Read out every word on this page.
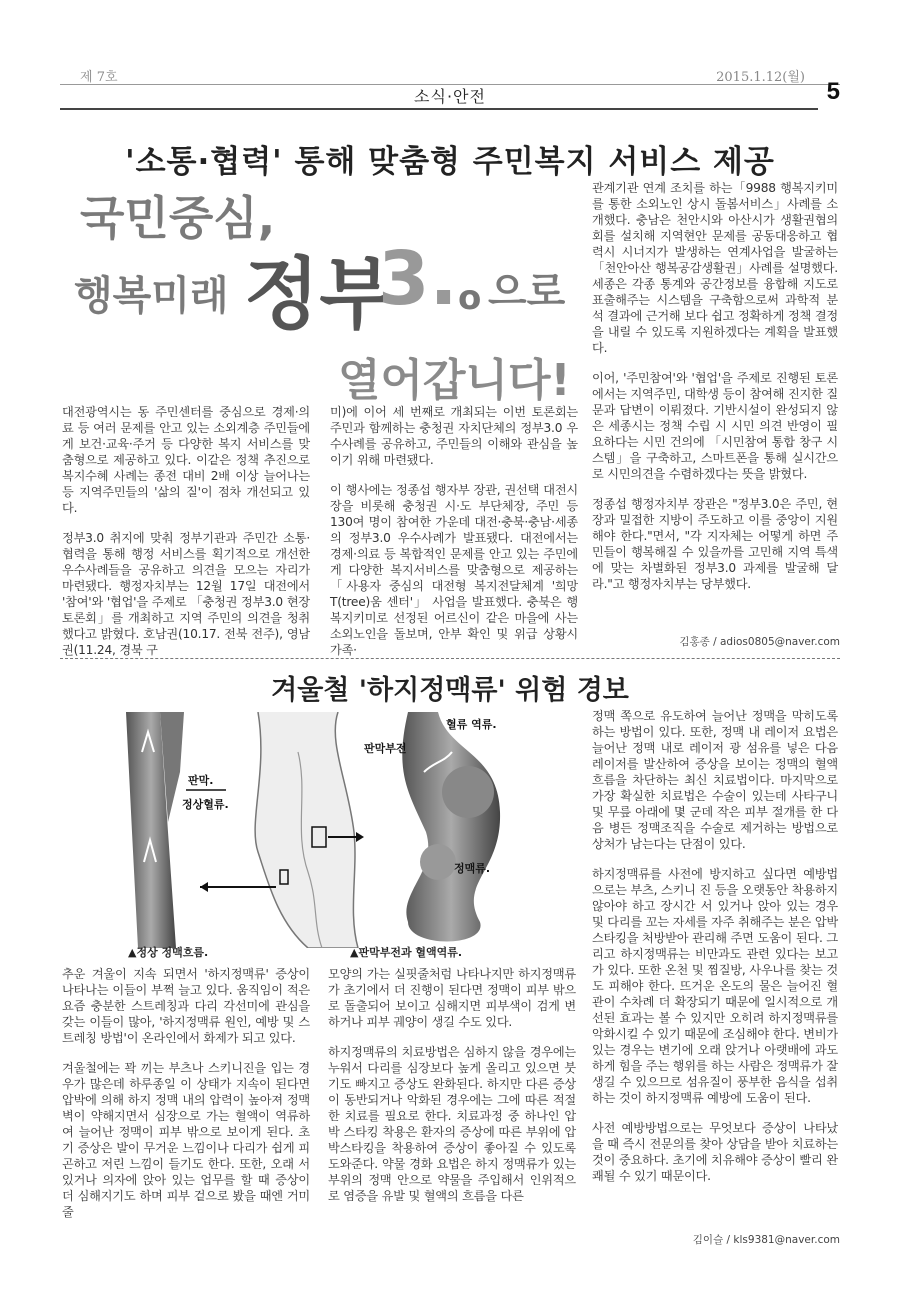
제 7호	2015.1.12(월)
소식·안전	5
'소통·협력' 통해 맞춤형 주민복지 서비스 제공
국민중심,
행복미래 정부
3. o 으로
열어갑니다!

대전광역시는 동 주민센터를 중심으로 경제·의료 등 여러 문제를 안고 있는 소외계층 주민들에게 보건·교육·주거 등 다양한 복지 서비스를 맞춤형으로 제공하고 있다. 이같은 정책 추진으로 복지수혜 사례는 종전 대비 2배 이상 늘어나는 등 지역주민들의 '삶의 질'이 점차 개선되고 있다.

정부3.0 취지에 맞춰 정부기관과 주민간 소통·협력을 통해 행정 서비스를 획기적으로 개선한 우수사례들을 공유하고 의견을 모으는 자리가 마련됐다. 행정자치부는 12월 17일 대전에서 '참여'와 '협업'을 주제로 「충청권 정부3.0 현장토론회」를 개최하고 지역 주민의 의견을 청취했다고 밝혔다. 호남권(10.17. 전북 전주), 영남권(11.24, 경북 구

미)에 이어 세 번째로 개최되는 이번 토론회는 주민과 함께하는 충청권 자치단체의 정부3.0 우수사례를 공유하고, 주민들의 이해와 관심을 높이기 위해 마련됐다.

이 행사에는 정종섭 행자부 장관, 권선택 대전시장을 비롯해 충청권 시·도 부단체장, 주민 등 130여 명이 참여한 가운데 대전·충북·충남·세종의 정부3.0 우수사례가 발표됐다. 대전에서는 경제·의료 등 복합적인 문제를 안고 있는 주민에게 다양한 복지서비스를 맞춤형으로 제공하는 「사용자 중심의 대전형 복지전달체계 '희망T(tree)움 센터'」 사업을 발표했다. 충북은 행복지키미로 선정된 어르신이 같은 마을에 사는 소외노인을 돌보며, 안부 확인 및 위급 상황시 가족·

관계기관 연계 조치를 하는「9988 행복지키미를 통한 소외노인 상시 돌봄서비스」사례를 소개했다. 충남은 천안시와 아산시가 생활권협의회를 설치해 지역현안 문제를 공동대응하고 협력시 시너지가 발생하는 연계사업을 발굴하는「천안아산 행복공감생활권」사례를 설명했다. 세종은 각종 통계와 공간정보를 융합해 지도로 표출해주는 시스템을 구축함으로써 과학적 분석 결과에 근거해 보다 쉽고 정확하게 정책 결정을 내릴 수 있도록 지원하겠다는 계획을 발표했다.

이어, '주민참여'와 '협업'을 주제로 진행된 토론에서는 지역주민, 대학생 등이 참여해 진지한 질문과 답변이 이뤄졌다. 기반시설이 완성되지 않은 세종시는 정책 수립 시 시민 의견 반영이 필요하다는 시민 건의에 「시민참여 통합 창구 시스템」을 구축하고, 스마트폰을 통해 실시간으로 시민의견을 수렴하겠다는 뜻을 밝혔다.

정종섭 행정자치부 장관은 "정부3.0은 주민, 현장과 밀접한 지방이 주도하고 이를 중앙이 지원해야 한다."면서, "각 지자체는 어떻게 하면 주민들이 행복해질 수 있을까를 고민해 지역 특색에 맞는 차별화된 정부3.0 과제를 발굴해 달라."고 행정자치부는 당부했다.

김홍종 / adios0805@naver.com
겨울철 '하지정맥류' 위험 경보
판막.
정상혈류.
혈류 역류.
판막부전
정맥류.
▲정상 정맥흐름.	▲판막부전과 혈액역류.

추운 겨울이 지속 되면서 '하지정맥류' 증상이 나타나는 이들이 부쩍 늘고 있다. 움직임이 적은 요즘 충분한 스트레칭과 다리 각선미에 관심을 갖는 이들이 많아, '하지정맥류 원인, 예방 및 스트레칭 방법'이 온라인에서 화제가 되고 있다.

겨울철에는 꽉 끼는 부츠나 스키니진을 입는 경우가 많은데 하루종일 이 상태가 지속이 된다면 압박에 의해 하지 정맥 내의 압력이 높아져 정맥 벽이 약해지면서 심장으로 가는 혈액이 역류하여 늘어난 정맥이 피부 밖으로 보이게 된다. 초기 증상은 발이 무거운 느낌이나 다리가 쉽게 피곤하고 저린 느낌이 들기도 한다. 또한, 오래 서 있거나 의자에 앉아 있는 업무를 할 때 증상이 더 심해지기도 하며 피부 겉으로 봤을 때엔 거미줄

모양의 가는 실핏줄처럼 나타나지만 하지정맥류가 초기에서 더 진행이 된다면 정맥이 피부 밖으로 돌출되어 보이고 심해지면 피부색이 검게 변하거나 피부 궤양이 생길 수도 있다.

하지정맥류의 치료방법은 심하지 않을 경우에는 누워서 다리를 심장보다 높게 올리고 있으면 붓기도 빠지고 증상도 완화된다. 하지만 다른 증상이 동반되거나 악화된 경우에는 그에 따른 적절한 치료를 필요로 한다. 치료과정 중 하나인 압박 스타킹 착용은 환자의 증상에 따른 부위에 압박스타킹을 착용하여 증상이 좋아질 수 있도록 도와준다. 약물 경화 요법은 하지 정맥류가 있는 부위의 정맥 안으로 약물을 주입해서 인위적으로 염증을 유발 및 혈액의 흐름을 다른

정맥 쪽으로 유도하여 늘어난 정맥을 막히도록 하는 방법이 있다. 또한, 정맥 내 레이저 요법은 늘어난 정맥 내로 레이저 광 섬유를 넣은 다음 레이저를 발산하여 증상을 보이는 정맥의 혈액 흐름을 차단하는 최신 치료법이다. 마지막으로 가장 확실한 치료법은 수술이 있는데 사타구니 및 무릎 아래에 몇 군데 작은 피부 절개를 한 다음 병든 정맥조직을 수술로 제거하는 방법으로 상처가 남는다는 단점이 있다.

하지정맥류를 사전에 방지하고 싶다면 예방법으로는 부츠, 스키니 진 등을 오랫동안 착용하지 않아야 하고 장시간 서 있거나 앉아 있는 경우 및 다리를 꼬는 자세를 자주 취해주는 분은 압박스타킹을 처방받아 관리해 주면 도움이 된다. 그리고 하지정맥류는 비만과도 관련 있다는 보고가 있다. 또한 온천 및 찜질방, 사우나를 찾는 것도 피해야 한다. 뜨거운 온도의 물은 늘어진 혈관이 수차례 더 확장되기 때문에 일시적으로 개선된 효과는 볼 수 있지만 오히려 하지정맥류를 악화시킬 수 있기 때문에 조심해야 한다. 변비가 있는 경우는 변기에 오래 앉거나 아랫배에 과도하게 힘을 주는 행위를 하는 사람은 정맥류가 잘 생길 수 있으므로 섬유질이 풍부한 음식을 섭취하는 것이 하지정맥류 예방에 도움이 된다.

사전 예방방법으로는 무엇보다 증상이 나타났을 때 즉시 전문의를 찾아 상담을 받아 치료하는 것이 중요하다. 초기에 치유해야 증상이 빨리 완쾌될 수 있기 때문이다.

김이슬 / kls9381@naver.com
